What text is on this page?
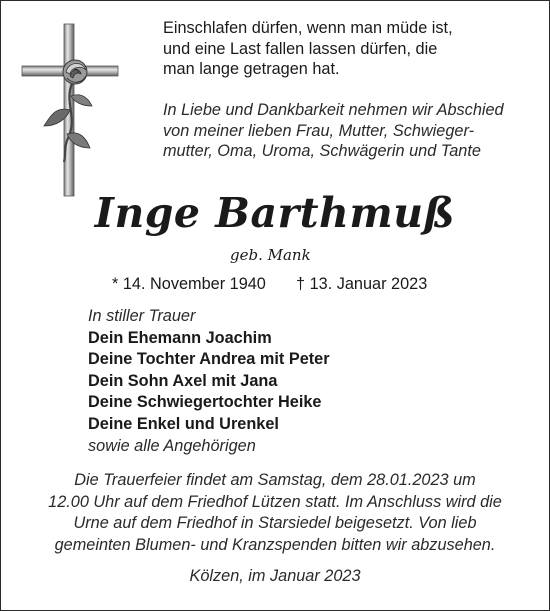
Einschlafen dürfen, wenn man müde ist,
und eine Last fallen lassen dürfen, die
man lange getragen hat.
In Liebe und Dankbarkeit nehmen wir Abschied
von meiner lieben Frau, Mutter, Schwieger-
mutter, Oma, Uroma, Schwägerin und Tante
Inge Barthmuß
geb. Mank
* 14. November 1940 † 13. Januar 2023
In stiller Trauer
Dein Ehemann Joachim
Deine Tochter Andrea mit Peter
Dein Sohn Axel mit Jana
Deine Schwiegertochter Heike
Deine Enkel und Urenkel
sowie alle Angehörigen
Die Trauerfeier findet am Samstag, dem 28.01.2023 um
12.00 Uhr auf dem Friedhof Lützen statt. Im Anschluss wird die
Urne auf dem Friedhof in Starsiedel beigesetzt. Von lieb
gemeinten Blumen- und Kranzspenden bitten wir abzusehen.
Kölzen, im Januar 2023
